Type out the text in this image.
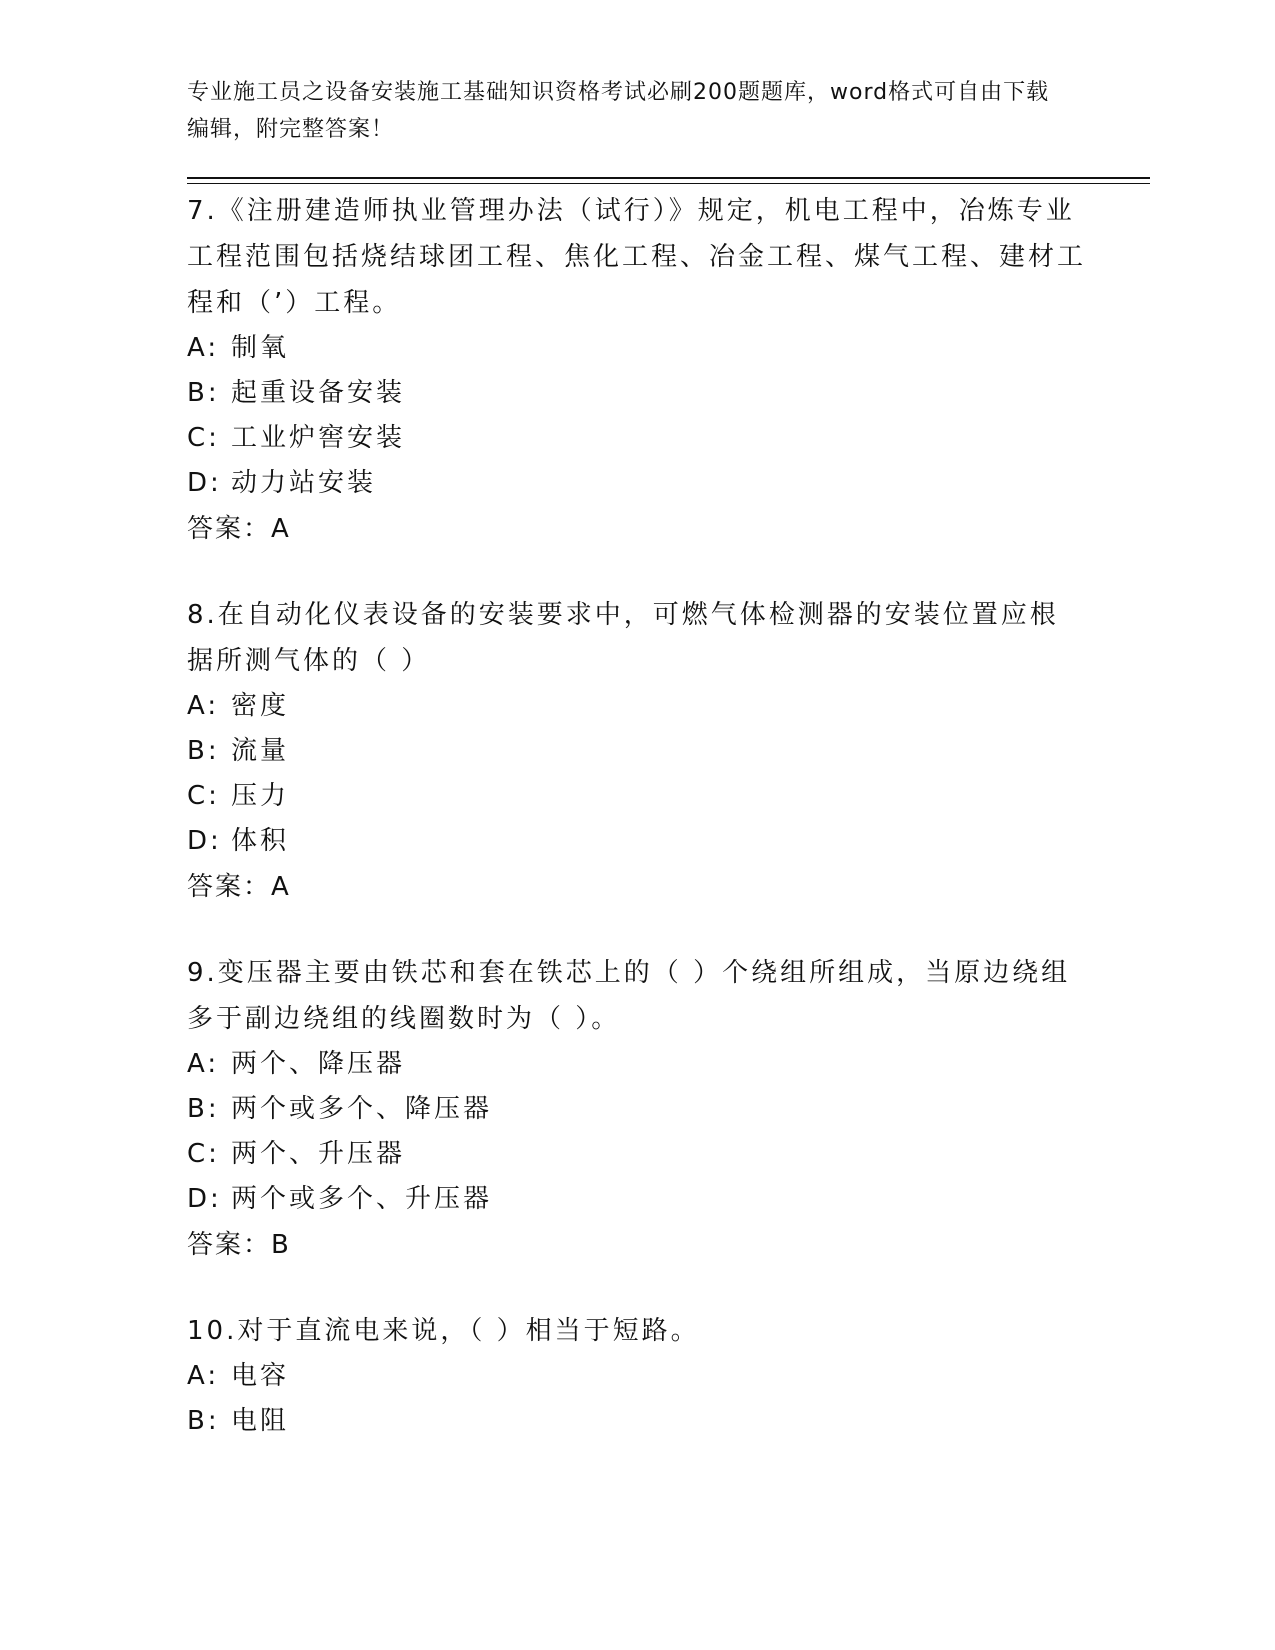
专业施工员之设备安装施工基础知识资格考试必刷200题题库，word格式可自由下载编辑，附完整答案！
7.《注册建造师执业管理办法（试行）》规定，机电工程中，冶炼专业工程范围包括烧结球团工程、焦化工程、冶金工程、煤气工程、建材工程和（’）工程。
A: 制氧
B: 起重设备安装
C: 工业炉窖安装
D: 动力站安装
答案：A
8.在自动化仪表设备的安装要求中，可燃气体检测器的安装位置应根据所测气体的（ ）
A: 密度
B: 流量
C: 压力
D: 体积
答案：A
9.变压器主要由铁芯和套在铁芯上的（ ）个绕组所组成，当原边绕组多于副边绕组的线圈数时为（ ）。
A: 两个、降压器
B: 两个或多个、降压器
C: 两个、升压器
D: 两个或多个、升压器
答案：B
10.对于直流电来说，（ ）相当于短路。
A: 电容
B: 电阻
